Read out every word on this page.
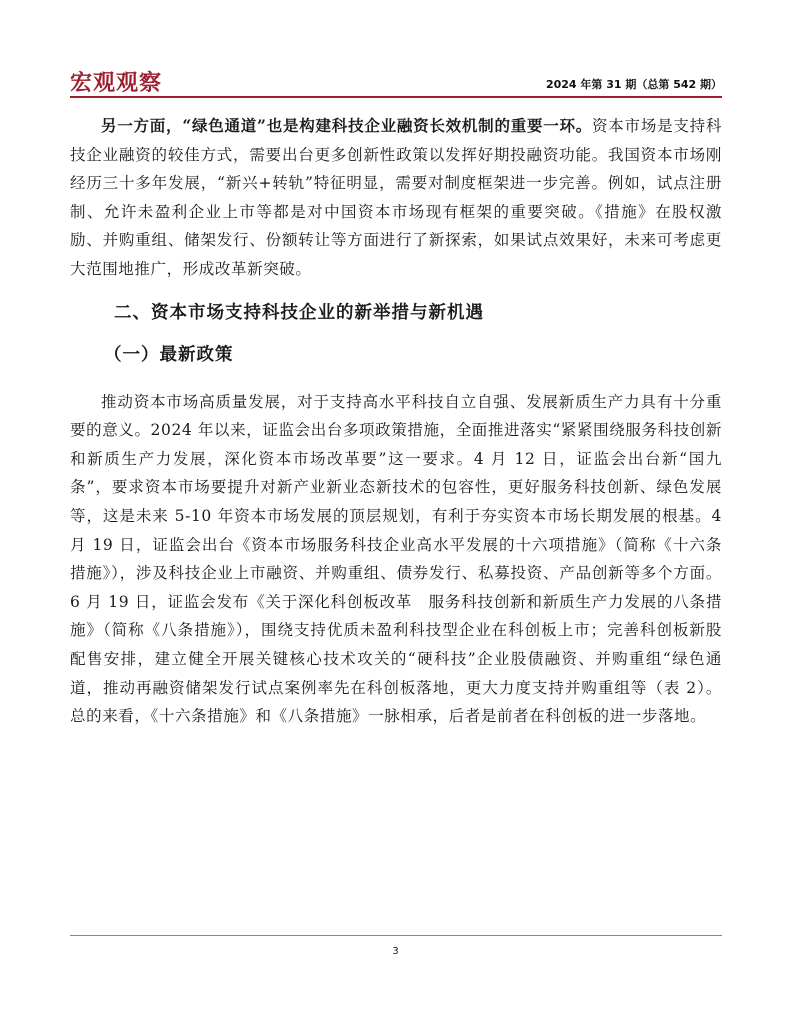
宏观观察	2024 年第 31 期（总第 542 期）

另一方面，“绿色通道”也是构建科技企业融资长效机制的重要一环。资本市场是支持科技企业融资的较佳方式，需要出台更多创新性政策以发挥好期投融资功能。我国资本市场刚经历三十多年发展，“新兴+转轨”特征明显，需要对制度框架进一步完善。例如，试点注册制、允许未盈利企业上市等都是对中国资本市场现有框架的重要突破。《措施》在股权激励、并购重组、储架发行、份额转让等方面进行了新探索，如果试点效果好，未来可考虑更大范围地推广，形成改革新突破。

二、资本市场支持科技企业的新举措与新机遇
（一）最新政策

推动资本市场高质量发展，对于支持高水平科技自立自强、发展新质生产力具有十分重要的意义。2024 年以来，证监会出台多项政策措施，全面推进落实“紧紧围绕服务科技创新和新质生产力发展，深化资本市场改革要”这一要求。4 月 12 日，证监会出台新“国九条”，要求资本市场要提升对新产业新业态新技术的包容性，更好服务科技创新、绿色发展等，这是未来 5-10 年资本市场发展的顶层规划，有利于夯实资本市场长期发展的根基。4 月 19 日，证监会出台《资本市场服务科技企业高水平发展的十六项措施》（简称《十六条措施》），涉及科技企业上市融资、并购重组、债券发行、私募投资、产品创新等多个方面。6 月 19 日，证监会发布《关于深化科创板改革　服务科技创新和新质生产力发展的八条措施》（简称《八条措施》），围绕支持优质未盈利科技型企业在科创板上市；完善科创板新股配售安排，建立健全开展关键核心技术攻关的“硬科技”企业股债融资、并购重组“绿色通道，推动再融资储架发行试点案例率先在科创板落地，更大力度支持并购重组等（表 2）。总的来看，《十六条措施》和《八条措施》一脉相承，后者是前者在科创板的进一步落地。

3
